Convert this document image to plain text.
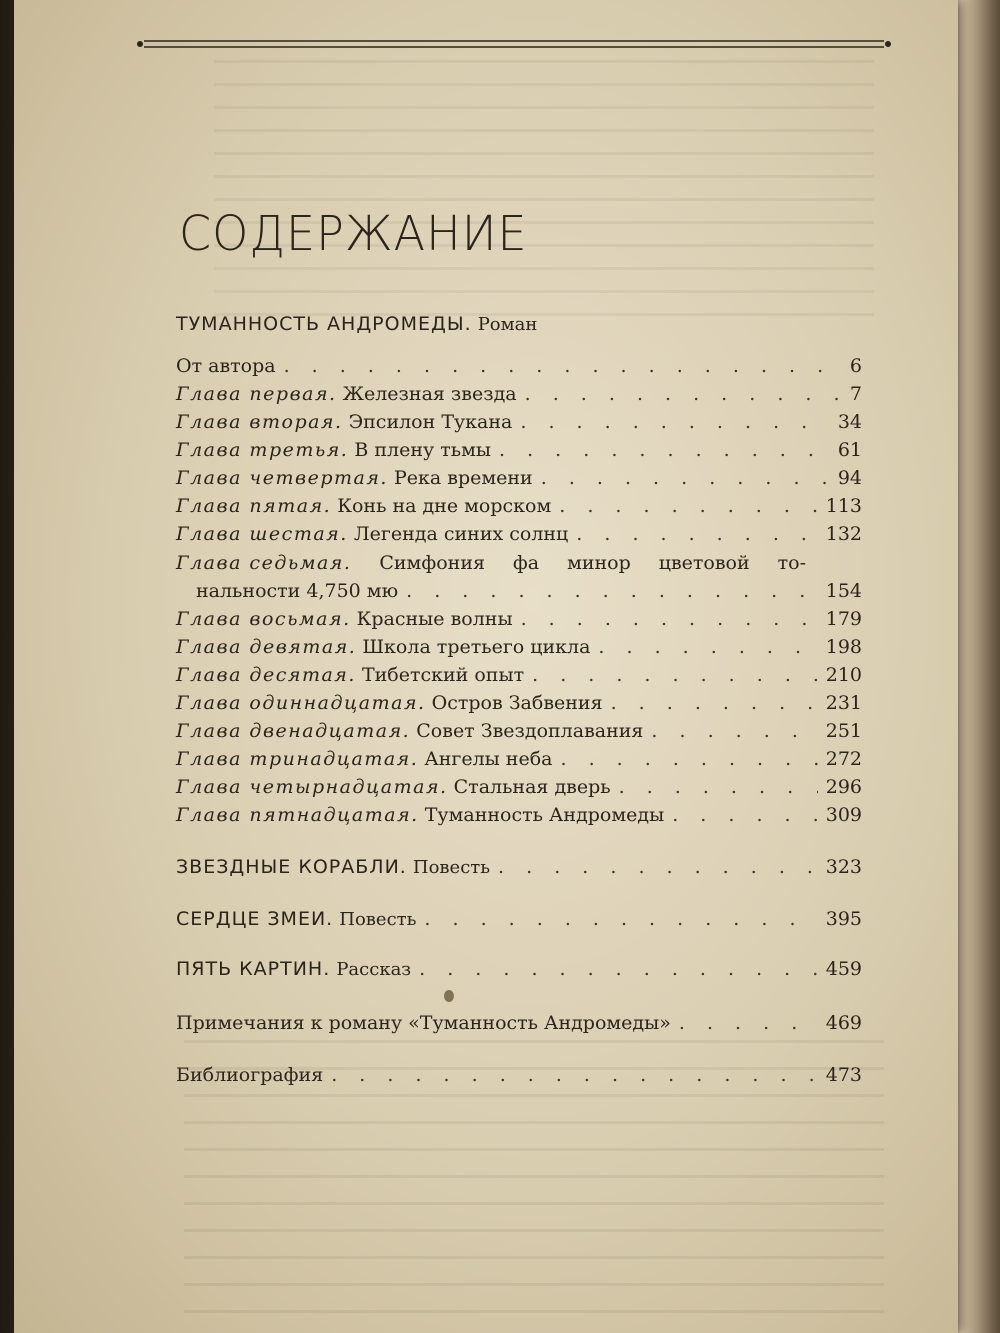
СОДЕРЖАНИЕ
ТУМАННОСТЬ АНДРОМЕДЫ. Роман
От автора . . .	6
Глава первая. Железная звезда . . .	7
Глава вторая. Эпсилон Тукана . . .	34
Глава третья. В плену тьмы . . .	61
Глава четвертая. Река времени . . .	94
Глава пятая. Конь на дне морском . . .	113
Глава шестая. Легенда синих солнц . . .	132
Глава седьмая. Симфония фа минор цветовой то-
нальности 4,750 мю . . .	154
Глава восьмая. Красные волны . . .	179
Глава девятая. Школа третьего цикла . . .	198
Глава десятая. Тибетский опыт . . .	210
Глава одиннадцатая. Остров Забвения . . .	231
Глава двенадцатая. Совет Звездоплавания . . .	251
Глава тринадцатая. Ангелы неба . . .	272
Глава четырнадцатая. Стальная дверь . . .	296
Глава пятнадцатая. Туманность Андромеды . . .	309
ЗВЕЗДНЫЕ КОРАБЛИ. Повесть . . .	323
СЕРДЦЕ ЗМЕИ. Повесть . . .	395
ПЯТЬ КАРТИН. Рассказ . . .	459
Примечания к роману «Туманность Андромеды» . . .	469
Библиография . . .	473
